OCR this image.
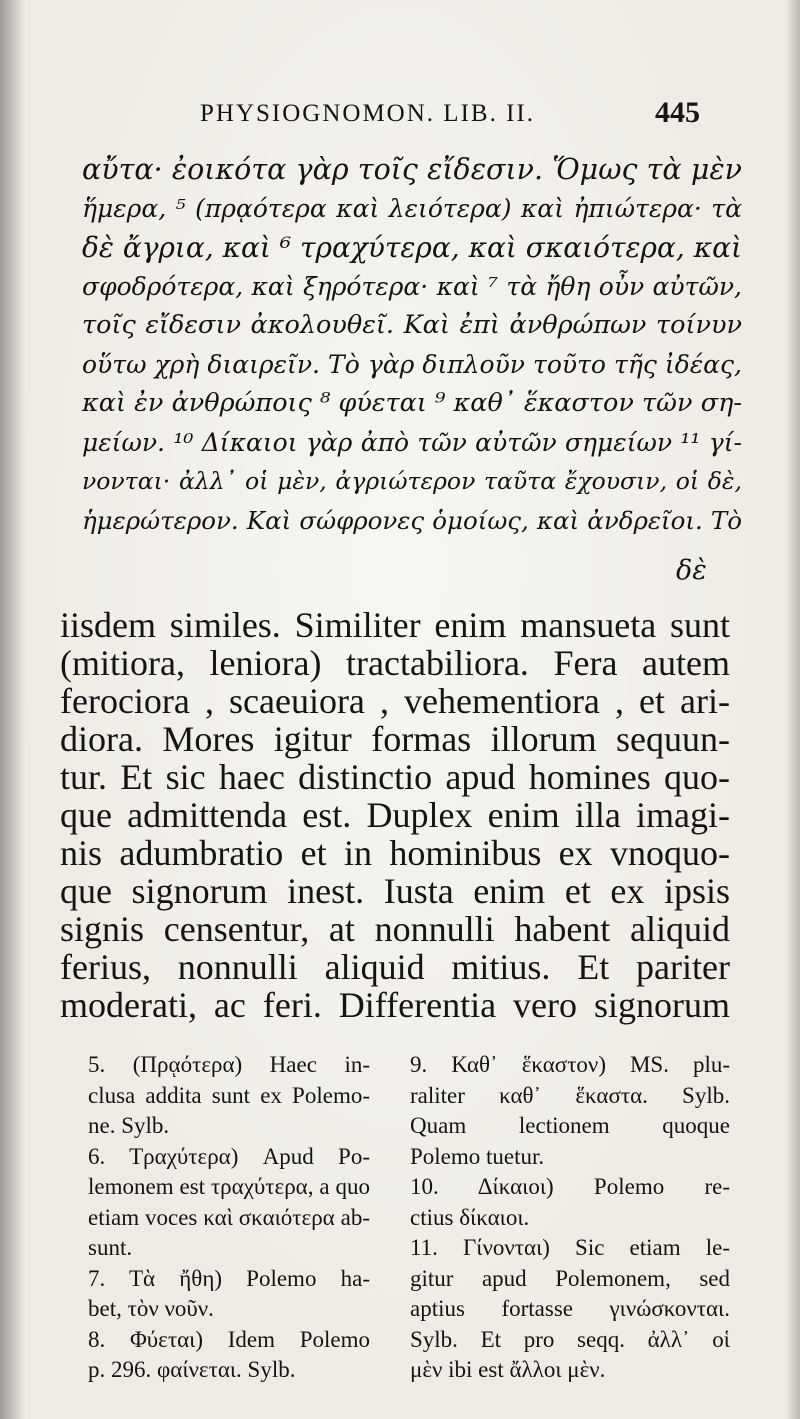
PHYSIOGNOMON. LIB. II.	445
αὔτα· ἐοικότα γὰρ τοῖς εἴδεσιν. Ὅμως τὰ μὲν
ἥμερα, ⁵ (πρᾳότερα καὶ λειότερα) καὶ ἠπιώτερα· τὰ
δὲ ἄγρια, καὶ ⁶ τραχύτερα, καὶ σκαιότερα, καὶ
σφοδρότερα, καὶ ξηρότερα· καὶ ⁷ τὰ ἤθη οὖν αὐτῶν,
τοῖς εἴδεσιν ἀκολουθεῖ. Καὶ ἐπὶ ἀνθρώπων τοίνυν
οὕτω χρὴ διαιρεῖν. Τὸ γὰρ διπλοῦν τοῦτο τῆς ἰδέας,
καὶ ἐν ἀνθρώποις ⁸ φύεται ⁹ καθ᾽ ἕκαστον τῶν ση-
μείων. ¹⁰ Δίκαιοι γὰρ ἀπὸ τῶν αὐτῶν σημείων ¹¹ γί-
νονται· ἀλλ᾽ οἱ μὲν, ἀγριώτερον ταῦτα ἔχουσιν, οἱ δὲ,
ἡμερώτερον. Καὶ σώφρονες ὁμοίως, καὶ ἀνδρεῖοι. Τὸ
δὲ
iisdem similes. Similiter enim mansueta sunt
(mitiora, leniora) tractabiliora. Fera autem
ferociora , scaeuiora , vehementiora , et ari-
diora. Mores igitur formas illorum sequun-
tur. Et sic haec distinctio apud homines quo-
que admittenda est. Duplex enim illa imagi-
nis adumbratio et in hominibus ex vnoquo-
que signorum inest. Iusta enim et ex ipsis
signis censentur, at nonnulli habent aliquid
ferius, nonnulli aliquid mitius. Et pariter
moderati, ac feri. Differentia vero signorum
5. (Πρᾳότερα) Haec in-
clusa addita sunt ex Polemo-
ne. Sylb.
6. Τραχύτερα) Apud Po-
lemonem est τραχύτερα, a quo
etiam voces καὶ σκαιότερα ab-
sunt.
7. Τὰ ἤθη) Polemo ha-
bet, τὸν νοῦν.
8. Φύεται) Idem Polemo
p. 296. φαίνεται. Sylb.
9. Καθ᾽ ἕκαστον) MS. plu-
raliter καθ᾽ ἕκαστα. Sylb.
Quam lectionem quoque
Polemo tuetur.
10. Δίκαιοι) Polemo re-
ctius δίκαιοι.
11. Γίνονται) Sic etiam le-
gitur apud Polemonem, sed
aptius fortasse γινώσκονται.
Sylb. Et pro seqq. ἀλλ᾽ οἱ
μὲν ibi est ἄλλοι μὲν.
